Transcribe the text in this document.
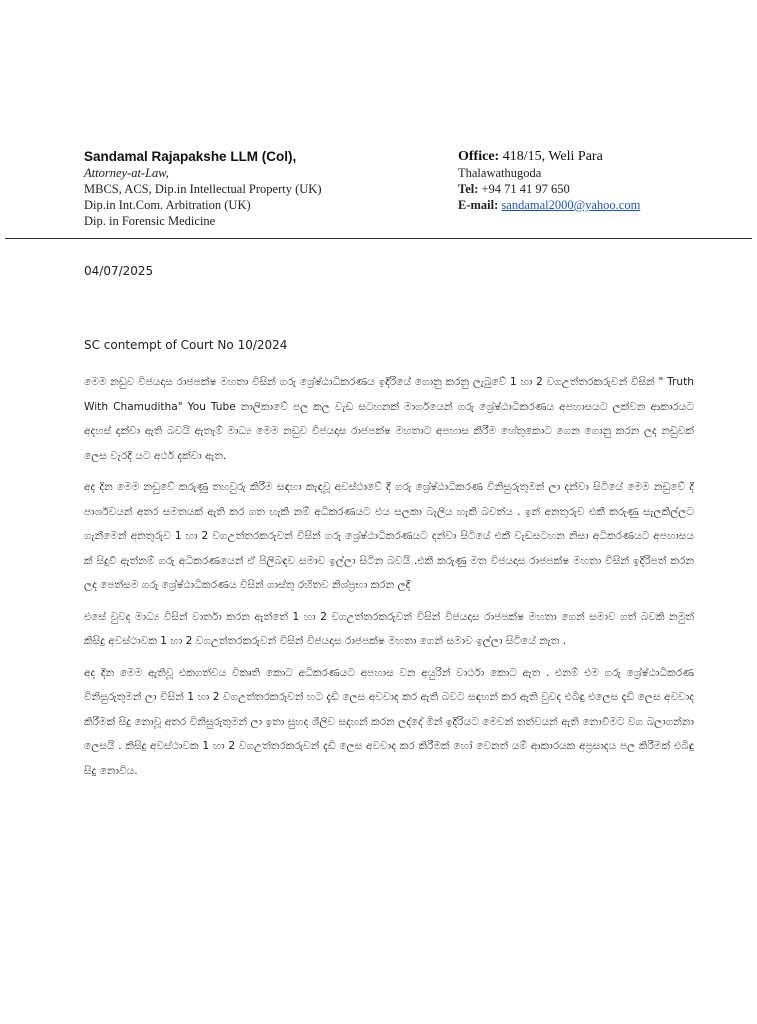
Sandamal Rajapakshe LLM (Col),
Attorney-at-Law,
MBCS, ACS, Dip.in Intellectual Property (UK)
Dip.in Int.Com. Arbitration (UK)
Dip. in Forensic Medicine
Office: 418/15, Weli Para
Thalawathugoda
Tel: +94 71 41 97 650
E-mail: sandamal2000@yahoo.com
04/07/2025
SC contempt of Court No 10/2024

මෙම නඩුව විජයදාස රාජපක්ෂ මහතා විසින් ගරු ශ්‍රේෂ්ඨාධිකරණය ඉදිරියේ ගොනු කරනු ලැබුවේ 1 හා 2 වගඋත්තරකරුවන් විසින් " Truth With Chamuditha" You Tube නාලිකාවේ පල කල වැඩ සටහනක් මාර්ගයෙන් ගරු ශ්‍රේෂ්ඨාධිකරණය අපහාසයට ලක්වන ආකාරයට අදහස් දක්වා ඇති බවයි ඇතැම් මාධ්‍ය මෙම නඩුව විජයදාස රාජපක්ෂ මහතාට අපහාස කිරීම හේතුකොට ගෙන ගොනු කරන ලද නඩුවක් ලෙස වැරදි යට අර්ථ දක්වා ඇත.

අද දින මෙම නඩුවේ කරුණු තහවුරු කිරීම සඳහා කැඳවූ අවස්ථාවේ දී ගරු ශ්‍රේෂ්ඨාධිකරණ විනිසුරුතුමන් ලා දන්වා සිටියේ මෙම නඩුවේ දී පාර්ශවයන් අතර සමතයක් ඇති කර ගත හැකි නම් අධිකරණයට එය සලකා බැලිය හැකි බවත්ය . ඉන් අනතුරුව එකී කරුණු සැලකිල්ලට ගැනීමෙන් අනතුරුව 1 හා 2 වගඋත්තරකරුවන් විසින් ගරු ශ්‍රේෂ්ඨාධිකරණයට දන්වා සිටියේ එකී වැඩසටහන නිසා අධිකරණයට අපහාසය ක් සිදුවී ඇත්නම් ගරු අධිකරණයෙන් ඒ පිලිබඳව සමාව ඉල්ලා සිටින බවයි .එකී කරුණු මත විජයදාස රාජපක්ෂ මහතා විසින් ඉදිරිපත් කරන ලද පෙත්සම ගරු ශ්‍රේෂ්ඨාධිකරණය විසින් ගාස්තු රහිතව නිශ්ප්‍රභා කරන ලදී

එසේ වුවද මාධ්‍ය විසින් වාර්තා කරන ඇත්තේ 1 හා 2 වගඋත්තරකරුවන් විසින් විජයදාස රාජපක්ෂ මහතා ගෙන් සමාව ගත් බවකි නමුත් කිසිදු අවස්ථාවක 1 හා 2 වගඋත්තරකරුවන් විසින් විජයදාස රාජපක්ෂ මහතා ගෙන් සමාව ඉල්ලා සිටියේ නැත .

අද දින මෙම ඇතිවූ එකගත්වය විකෘති කොට අධිකරණයට අපහාස වන අයුරින් වාර්ථා කොට ඇත . එනම් එම ගරු ශ්‍රේෂ්ඨාධිකරණ විනිසුරුතුමන් ලා විසින් 1 හා 2 වගඋත්තරකරුවන් හට දැඩි ලෙස අවවාද කර ඇති බවට සඳහන් කර ඇති වුවද එබිඳු එලෙස දැඩි ලෙස අවවාද කිරීමක් සිදු නොවූ අතර විනිසුරුතුමන් ලා ඉතා සුහද ශීලිව සදහන් කරන ලද්දේ මින් ඉදිරියට මෙවන් තත්වයන් ඇති නොවීමට වග බලාගන්නා ලෙසයි . කිසිදු අවස්ථාවක 1 හා 2 වගඋත්තරකරුවන් දැඩි ලෙස අවවාද කර කිරීමක් හෝ වෙනත් යම් ආකාරයක අප්‍රසාදය පල කිරීමක් එබිඳු සිදු නොවිය.
